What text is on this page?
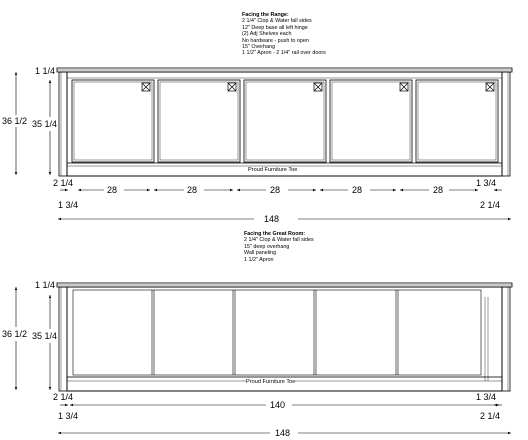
Facing the Range:
2 1/4" Clop & Water fall sides
12" Deep base all left hinge
(2) Adj Shelves each
No hardware - push to open
15" Overhang
1 1/2" Apron - 2 1/4" rail over doors
Facing the Great Room:
2 1/4" Clop & Water fall sides
15" deep overhang
Wall paneling
1 1/2" Apron
1 1/4
36 1/2 35 1/4
Proud Furniture Toe
2 1/4	1 3/4
28	28	28	28	28
1 3/4	2 1/4
148
1 1/4
36 1/2 35 1/4
Proud Furniture Toe
2 1/4	1 3/4
140
1 3/4	2 1/4
148
